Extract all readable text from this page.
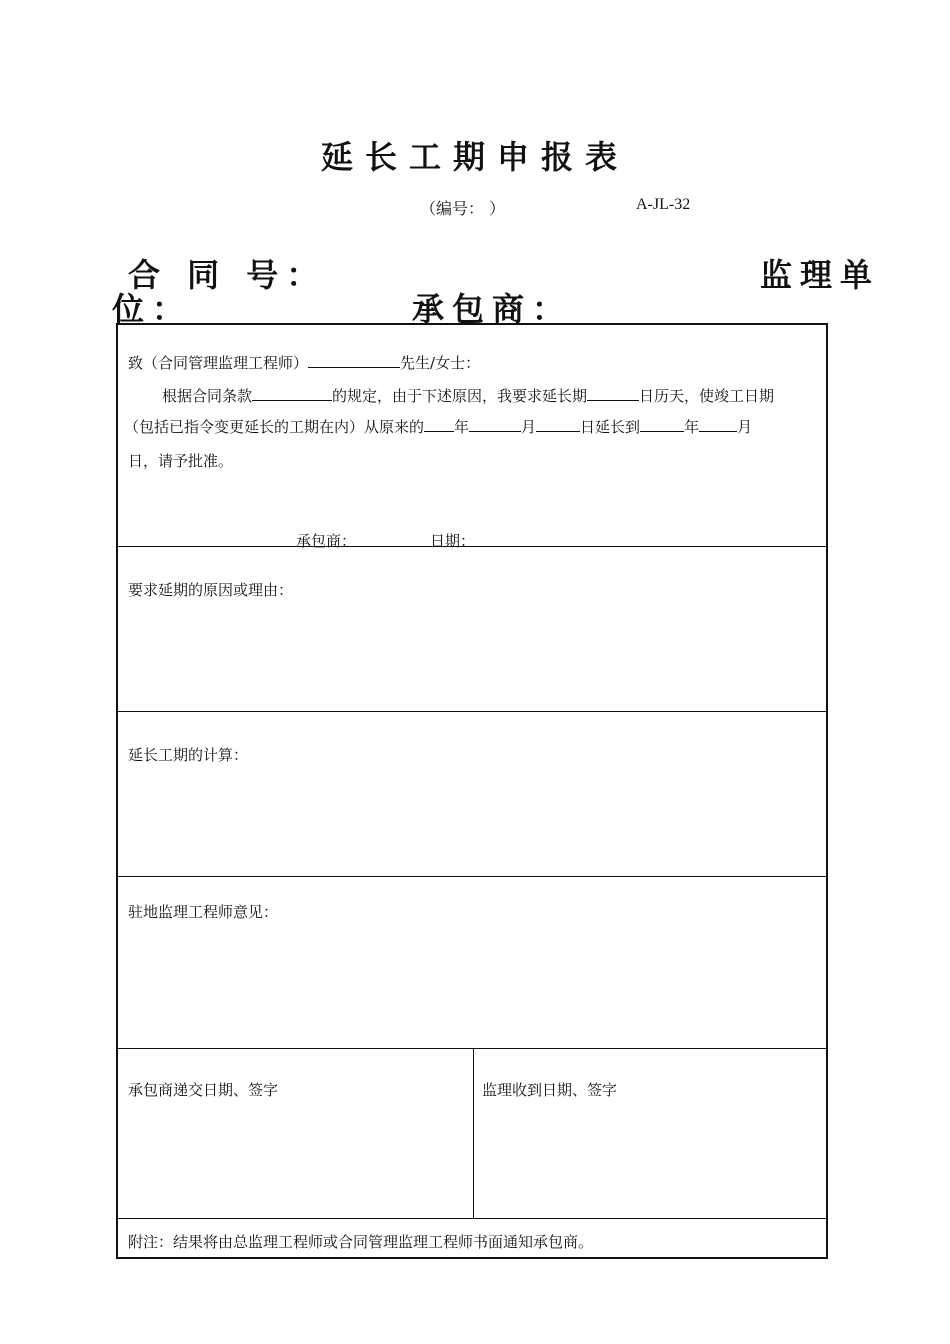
延长工期申报表
（编号： ）	A-JL-32
合 同 号：	监理单
位：	承包商：
致（合同管理监理工程师）	先生/女士：
根据合同条款	的规定，由于下述原因，我要求延长期	日历天，使竣工日期
（包括已指令变更延长的工期在内）从原来的 年	月	日延长到	年	月
日，请予批准。
承包商：	日期：
要求延期的原因或理由：
延长工期的计算：
驻地监理工程师意见：
承包商递交日期、签字	监理收到日期、签字
附注：结果将由总监理工程师或合同管理监理工程师书面通知承包商。
